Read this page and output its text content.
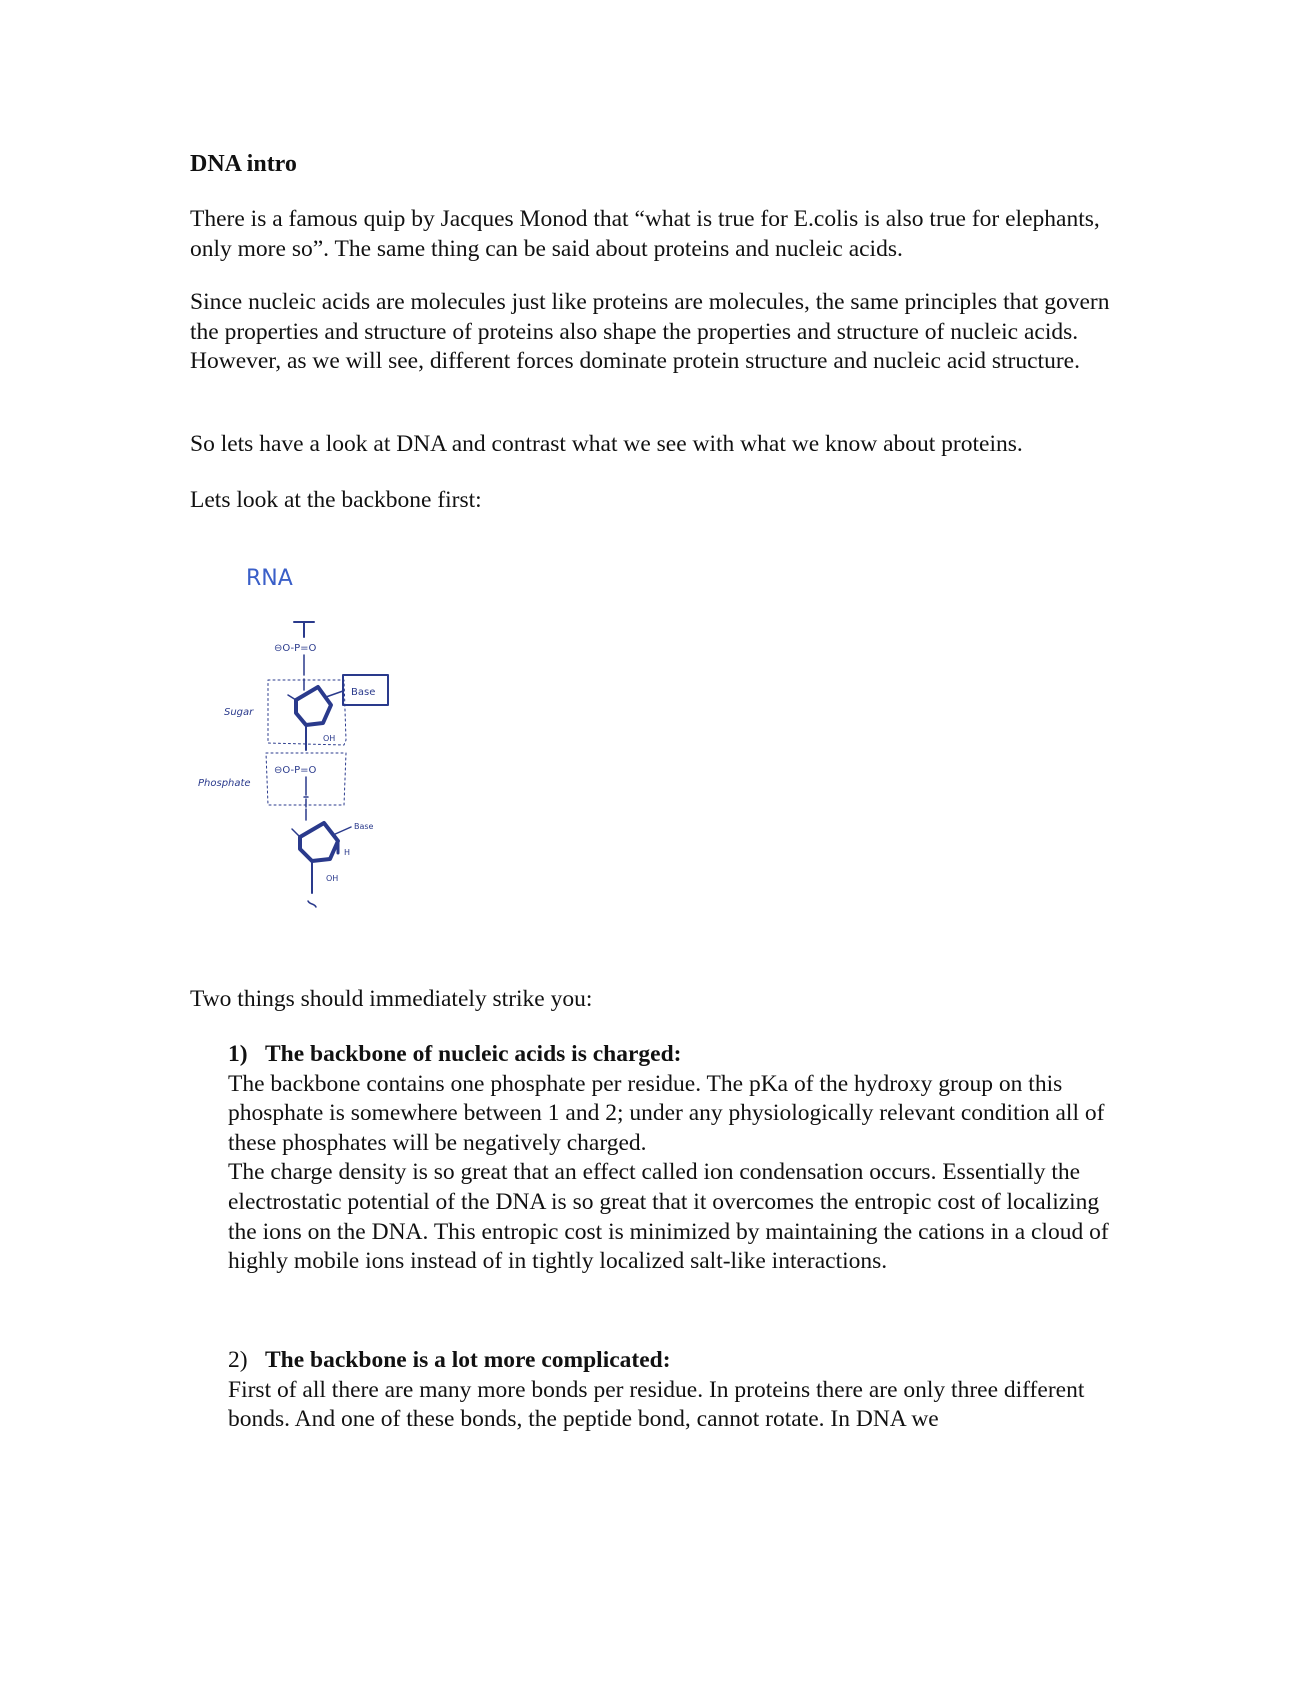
DNA intro

There is a famous quip by Jacques Monod that “what is true for E.colis is also true for elephants, only more so”. The same thing can be said about proteins and nucleic acids.

Since nucleic acids are molecules just like proteins are molecules, the same principles that govern the properties and structure of proteins also shape the properties and structure of nucleic acids. However, as we will see, different forces dominate protein structure and nucleic acid structure.

So lets have a look at DNA and contrast what we see with what we know about proteins.

Lets look at the backbone first:

RNA
⊖O-P=O
Sugar
OH
Base
Phosphate
⊖O-P=O
Base
H
OH

Two things should immediately strike you:

1) The backbone of nucleic acids is charged:
The backbone contains one phosphate per residue. The pKa of the hydroxy group on this phosphate is somewhere between 1 and 2; under any physiologically relevant condition all of these phosphates will be negatively charged.
The charge density is so great that an effect called ion condensation occurs. Essentially the electrostatic potential of the DNA is so great that it overcomes the entropic cost of localizing the ions on the DNA. This entropic cost is minimized by maintaining the cations in a cloud of highly mobile ions instead of in tightly localized salt-like interactions.
2) The backbone is a lot more complicated:
First of all there are many more bonds per residue. In proteins there are only three different bonds. And one of these bonds, the peptide bond, cannot rotate. In DNA we
